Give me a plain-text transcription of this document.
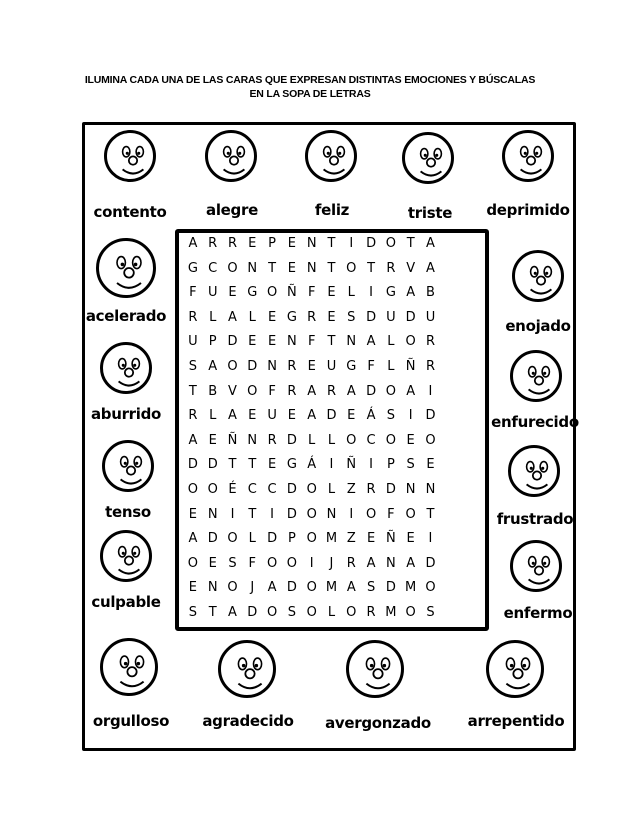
ILUMINA CADA UNA DE LAS CARAS QUE EXPRESAN DISTINTAS EMOCIONES Y BÚSCALAS
EN LA SOPA DE LETRAS
A R R E P E N T I D O T A
G C O N T E N T O T R V A
F U E G O Ñ F E L I G A B
R L A L E G R E S D U D U
U P D E E N F T N A L O R
S A O D N R E U G F L Ñ R
T B V O F R A R A D O A I
R L A E U E A D E Á S I D
A E Ñ N R D L L O C O E O
D D T T E G Á I Ñ I P S E
O O É C C D O L Z R D N N
E N I T I D O N I O F O T
A D O L D P O M Z E Ñ E I
O E S F O O I J R A N A D
E N O J A D O M A S D M O
S T A D O S O L O R M O S
contento	alegre	feliz	triste	deprimido
acelerado
aburrido
tenso
culpable
enojado
enfurecido
frustrado
enfermo
orgulloso	agradecido	avergonzado	arrepentido
